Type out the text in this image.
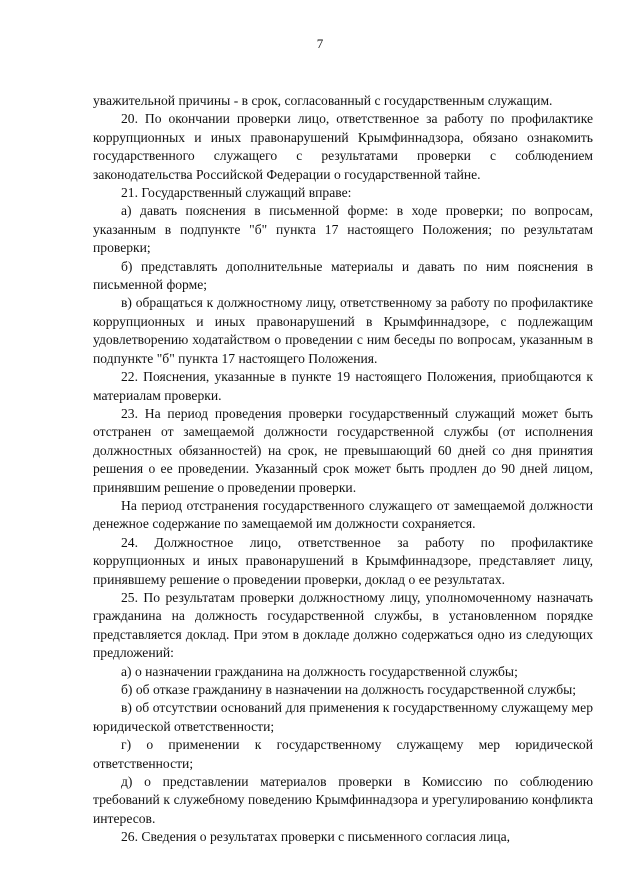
7

уважительной причины - в срок, согласованный с государственным служащим.

20. По окончании проверки лицо, ответственное за работу по профилактике коррупционных и иных правонарушений Крымфиннадзора, обязано ознакомить государственного служащего с результатами проверки с соблюдением законодательства Российской Федерации о государственной тайне.

21. Государственный служащий вправе:

а) давать пояснения в письменной форме: в ходе проверки; по вопросам, указанным в подпункте "б" пункта 17 настоящего Положения; по результатам проверки;

б) представлять дополнительные материалы и давать по ним пояснения в письменной форме;

в) обращаться к должностному лицу, ответственному за работу по профилактике коррупционных и иных правонарушений в Крымфиннадзоре, с подлежащим удовлетворению ходатайством о проведении с ним беседы по вопросам, указанным в подпункте "б" пункта 17 настоящего Положения.

22. Пояснения, указанные в пункте 19 настоящего Положения, приобщаются к материалам проверки.

23. На период проведения проверки государственный служащий может быть отстранен от замещаемой должности государственной службы (от исполнения должностных обязанностей) на срок, не превышающий 60 дней со дня принятия решения о ее проведении. Указанный срок может быть продлен до 90 дней лицом, принявшим решение о проведении проверки.

На период отстранения государственного служащего от замещаемой должности денежное содержание по замещаемой им должности сохраняется.

24. Должностное лицо, ответственное за работу по профилактике коррупционных и иных правонарушений в Крымфиннадзоре, представляет лицу, принявшему решение о проведении проверки, доклад о ее результатах.

25. По результатам проверки должностному лицу, уполномоченному назначать гражданина на должность государственной службы, в установленном порядке представляется доклад. При этом в докладе должно содержаться одно из следующих предложений:

а) о назначении гражданина на должность государственной службы;

б) об отказе гражданину в назначении на должность государственной службы;

в) об отсутствии оснований для применения к государственному служащему мер юридической ответственности;

г) о применении к государственному служащему мер юридической ответственности;

д) о представлении материалов проверки в Комиссию по соблюдению требований к служебному поведению Крымфиннадзора и урегулированию конфликта интересов.

26. Сведения о результатах проверки с письменного согласия лица,
